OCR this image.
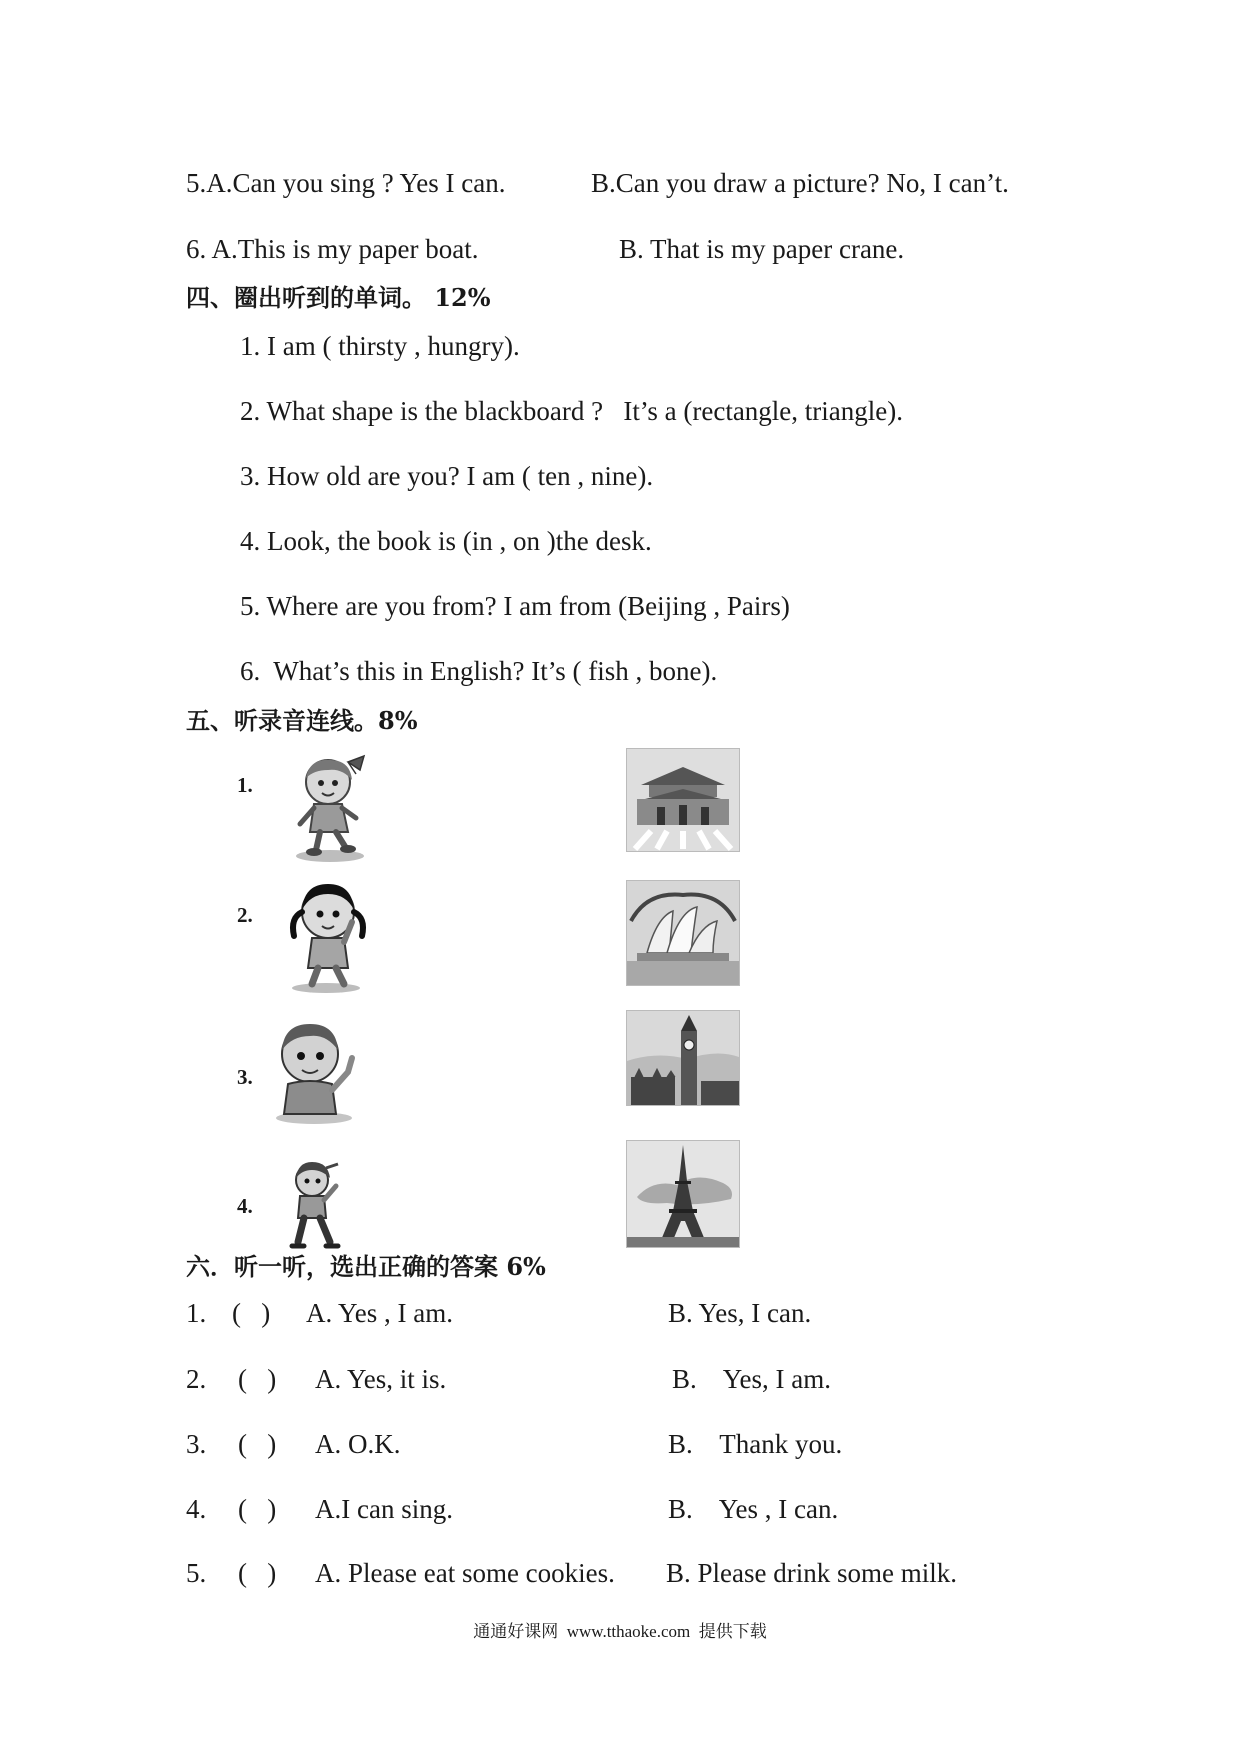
5.A.Can you sing ? Yes I can.	B.Can you draw a picture? No, I can’t.
6. A.This is my paper boat.	B. That is my paper crane.
四、圈出听到的单词。 12%
1. I am ( thirsty , hungry).
2. What shape is the blackboard ?   It’s a (rectangle, triangle).
3. How old are you? I am ( ten , nine).
4. Look, the book is (in , on )the desk.
5. Where are you from? I am from (Beijing , Pairs)
6.  What’s this in English? It’s ( fish , bone).
五、听录音连线。8%
1.
2.
3.
4.
六．听一听，选出正确的答案 6%
1. (   ) A. Yes , I am.	B. Yes, I can.
2. (   ) A. Yes, it is.	B.    Yes, I am.
3. (   ) A. O.K.	B.    Thank you.
4. (   ) A.I can sing.	B.    Yes , I can.
5. (   ) A. Please eat some cookies. B. Please drink some milk.
通通好课网  www.tthaoke.com  提供下载
